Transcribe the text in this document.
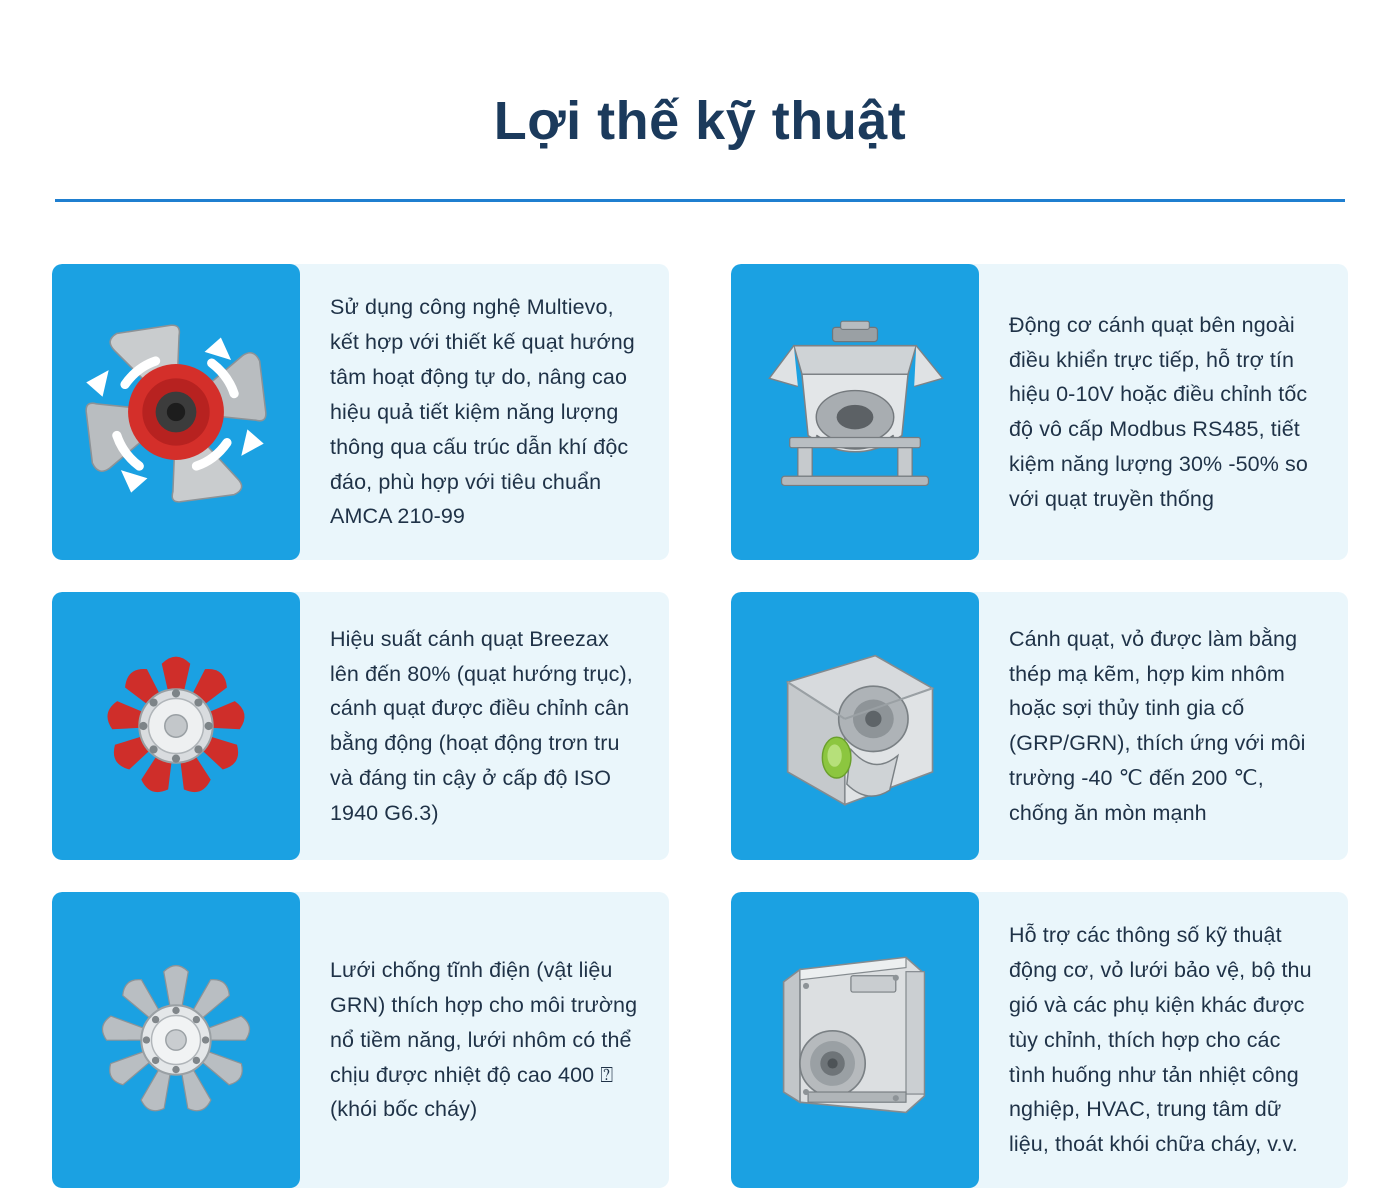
Lợi thế kỹ thuật

Sử dụng công nghệ Multievo, kết hợp với thiết kế quạt hướng tâm hoạt động tự do, nâng cao hiệu quả tiết kiệm năng lượng thông qua cấu trúc dẫn khí độc đáo, phù hợp với tiêu chuẩn AMCA 210-99

Động cơ cánh quạt bên ngoài điều khiển trực tiếp, hỗ trợ tín hiệu 0-10V hoặc điều chỉnh tốc độ vô cấp Modbus RS485, tiết kiệm năng lượng 30% -50% so với quạt truyền thống

Hiệu suất cánh quạt Breezax lên đến 80% (quạt hướng trục), cánh quạt được điều chỉnh cân bằng động (hoạt động trơn tru và đáng tin cậy ở cấp độ ISO 1940 G6.3)

Cánh quạt, vỏ được làm bằng thép mạ kẽm, hợp kim nhôm hoặc sợi thủy tinh gia cố (GRP/GRN), thích ứng với môi trường -40 ℃ đến 200 ℃, chống ăn mòn mạnh

Lưới chống tĩnh điện (vật liệu GRN) thích hợp cho môi trường nổ tiềm năng, lưới nhôm có thể chịu được nhiệt độ cao 400 ⍰ (khói bốc cháy)

Hỗ trợ các thông số kỹ thuật động cơ, vỏ lưới bảo vệ, bộ thu gió và các phụ kiện khác được tùy chỉnh, thích hợp cho các tình huống như tản nhiệt công nghiệp, HVAC, trung tâm dữ liệu, thoát khói chữa cháy, v.v.
